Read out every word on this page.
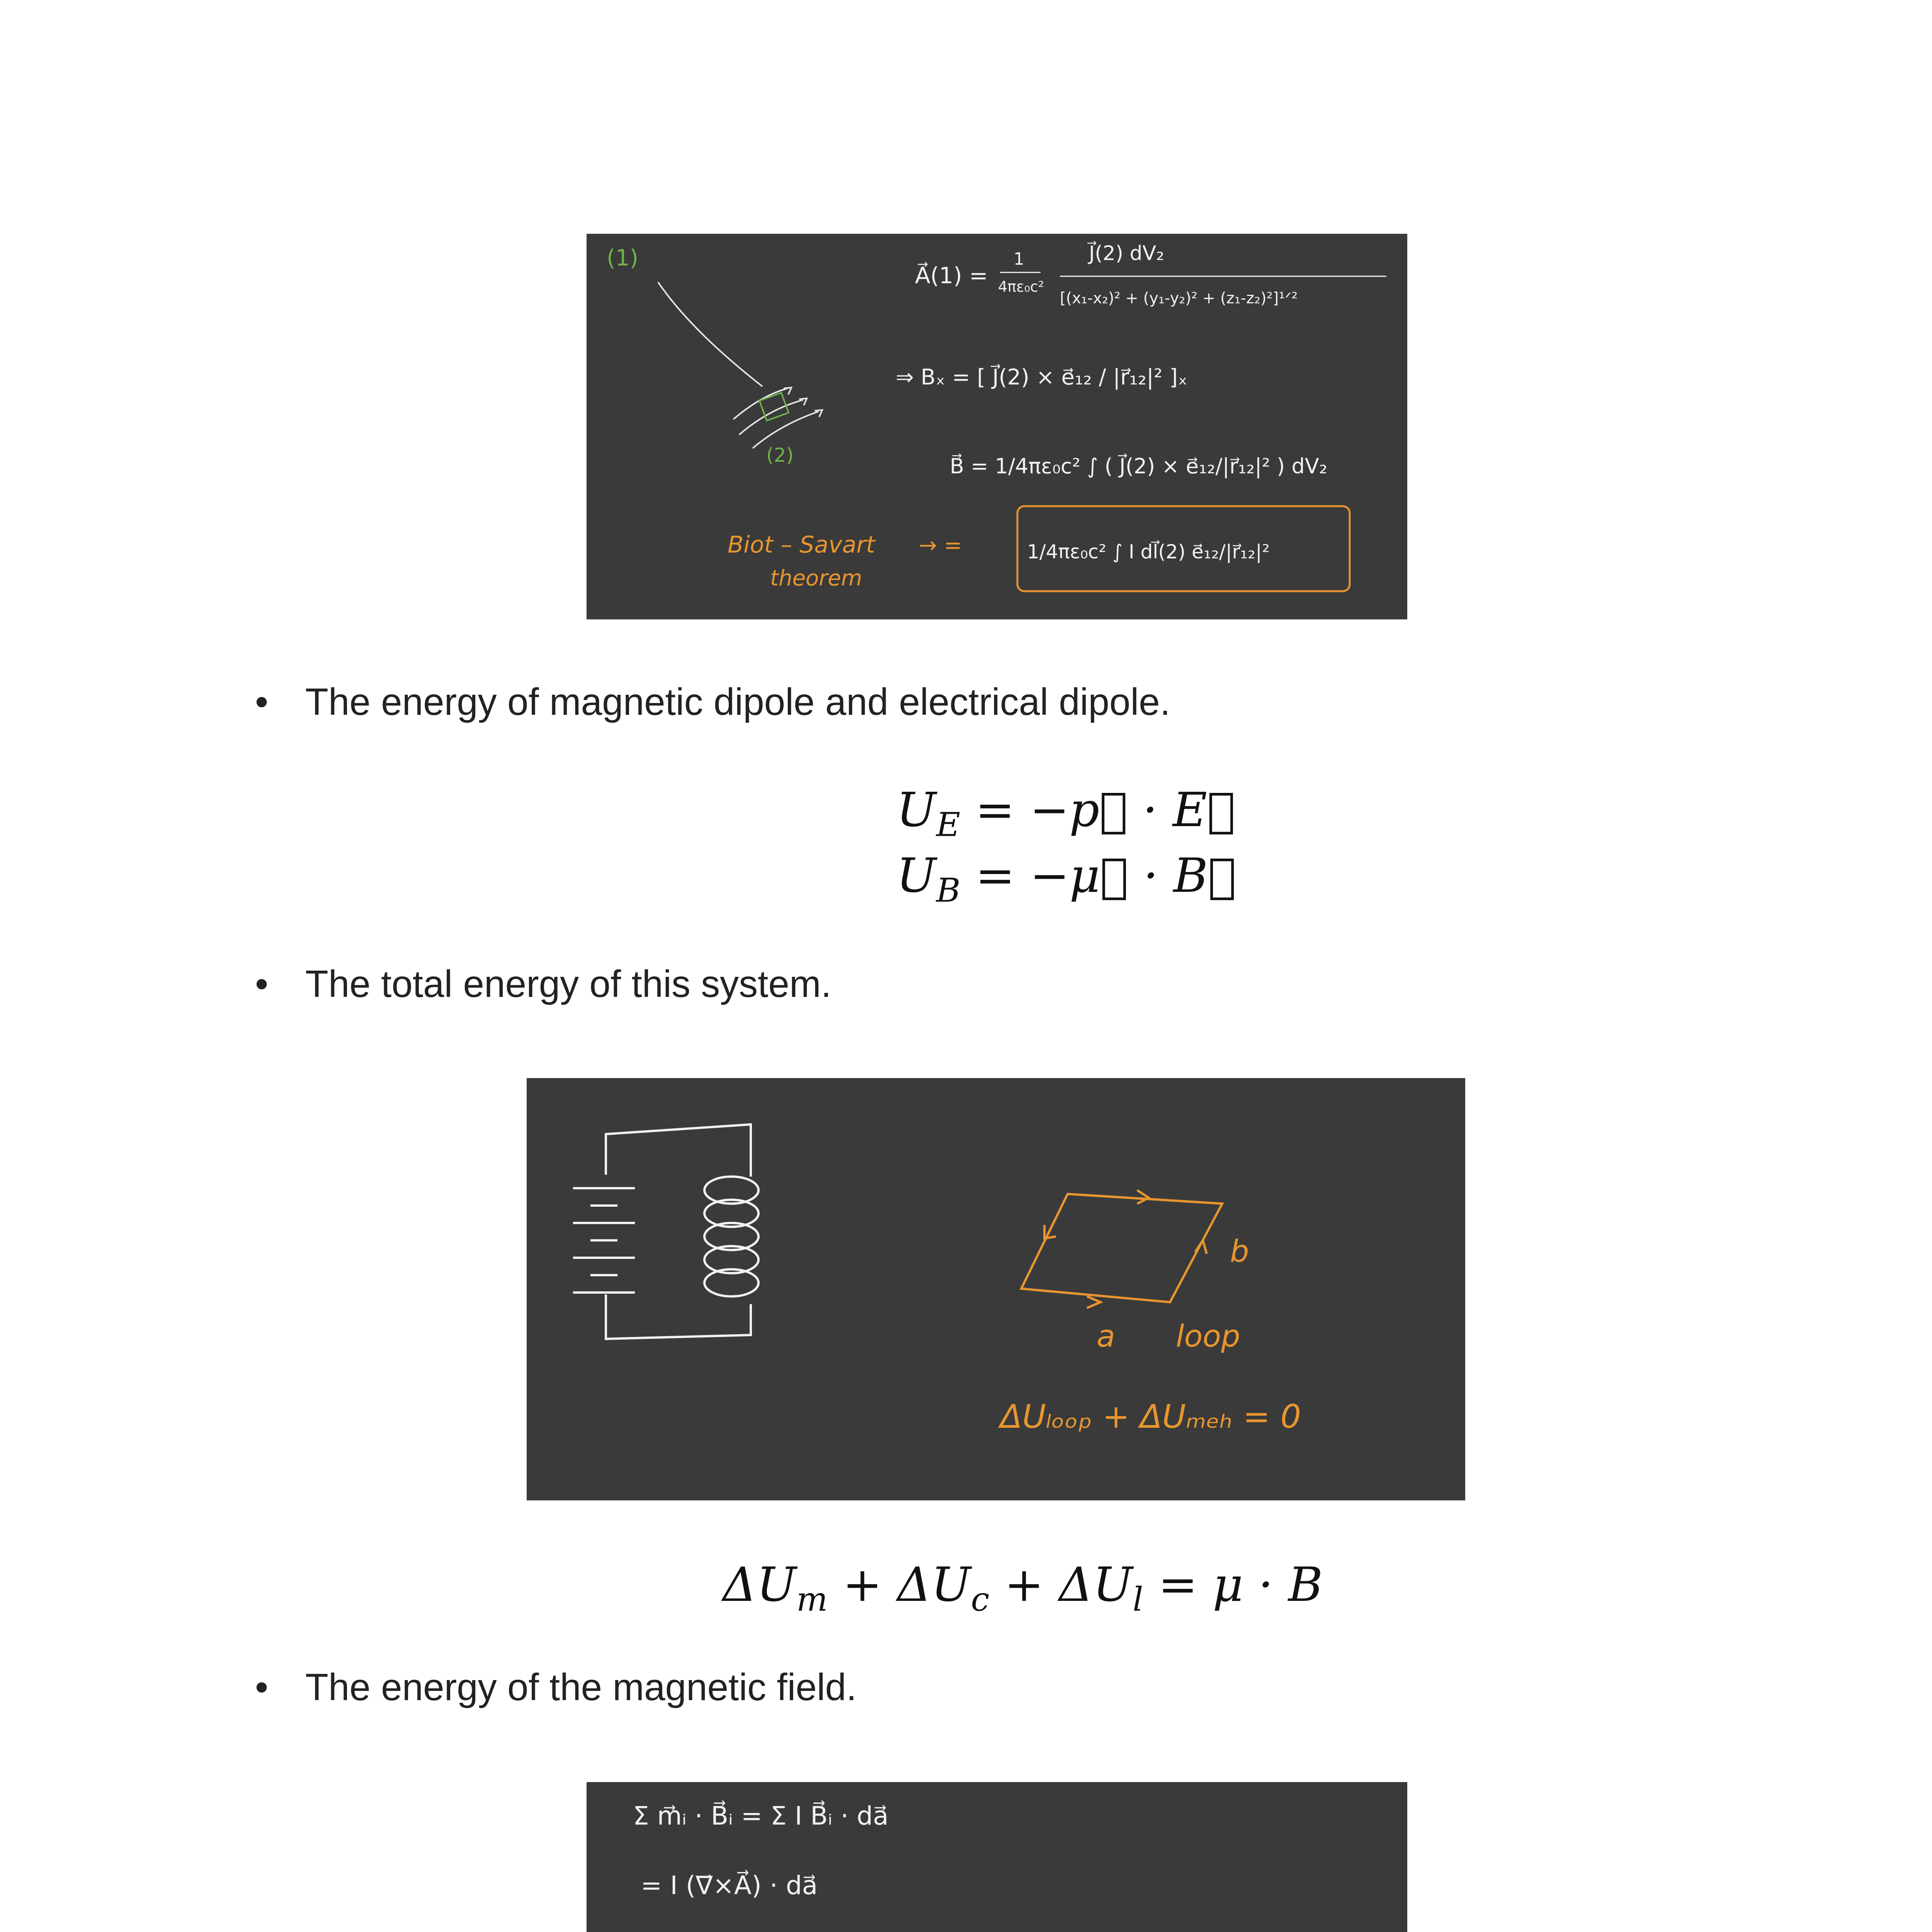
(1)
(2)
A⃗(1) =
1
4πε₀c²
J⃗(2) dV₂
[(x₁-x₂)² + (y₁-y₂)² + (z₁-z₂)²]¹ᐟ²
⇒ Bₓ = [ J⃗(2) × e⃗₁₂ / |r⃗₁₂|² ]ₓ
B⃗ = 1/4πε₀c² ∫ ( J⃗(2) × e⃗₁₂/|r⃗₁₂|² ) dV₂
Biot – Savart
theorem
→ =	1/4πε₀c² ∫ I dl⃗(2) e⃗₁₂/|r⃗₁₂|²
• The energy of magnetic dipole and electrical dipole.
$U_E$ = −p⃗ · E⃗
$U_B$ = −μ⃗ · B⃗
• The total energy of this system.
b
a loop
ΔUₗₒₒₚ + ΔUₘₑₕ = 0
$\Delta U_m + \Delta U_c + \Delta U_l = \mu \cdot B$
• The energy of the magnetic field.
Σ m⃗ᵢ · B⃗ᵢ = Σ I B⃗ᵢ · da⃗
= I (∇⃗×A⃗) · da⃗
